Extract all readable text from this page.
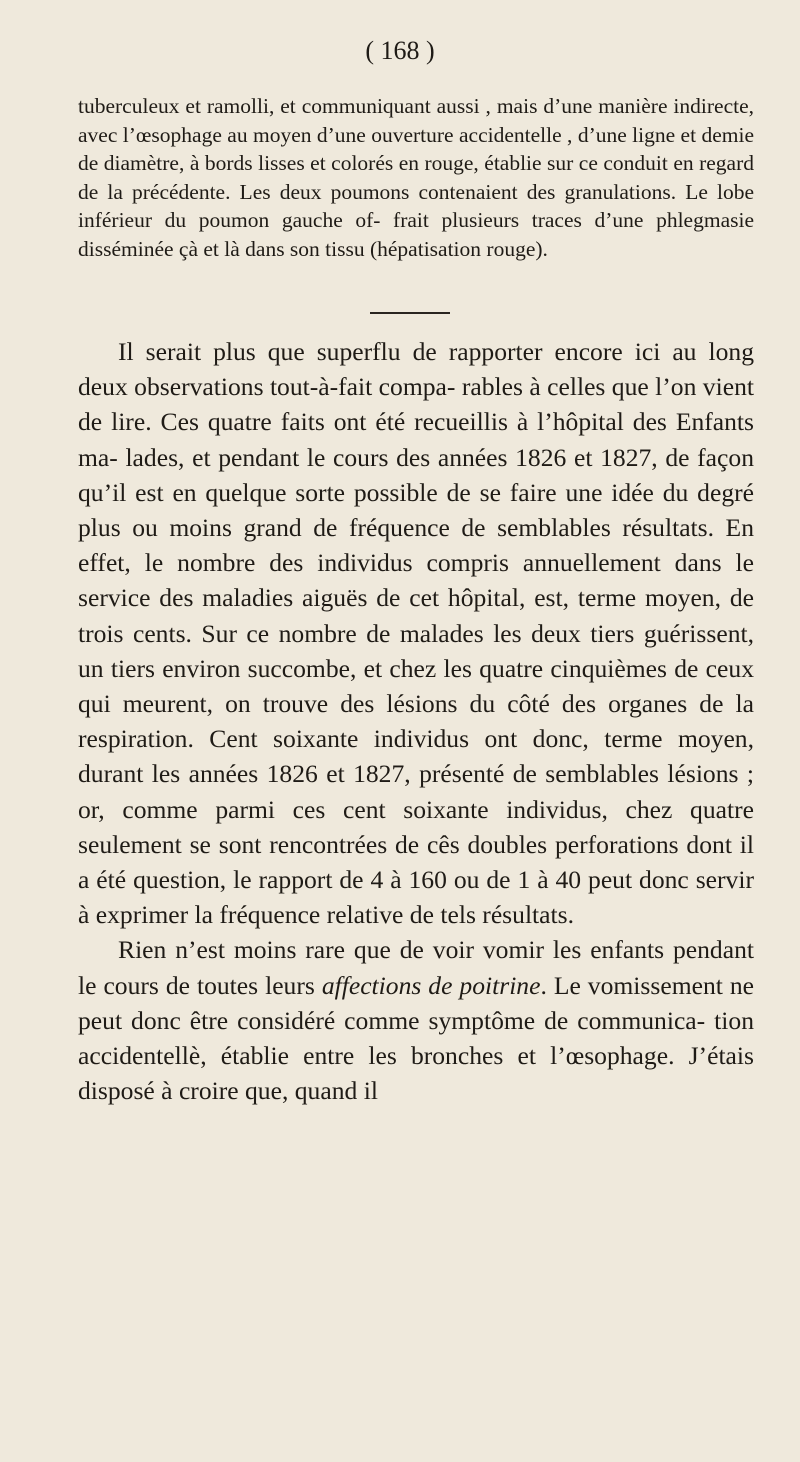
( 168 )

tuberculeux et ramolli, et communiquant aussi , mais d’une manière indirecte, avec l’œsophage au moyen d’une ouverture accidentelle , d’une ligne et demie de diamètre, à bords lisses et colorés en rouge, établie sur ce conduit en regard de la précédente. Les deux poumons contenaient des granulations. Le lobe inférieur du poumon gauche of- frait plusieurs traces d’une phlegmasie disséminée çà et là dans son tissu (hépatisation rouge).

Il serait plus que superflu de rapporter encore ici au long deux observations tout-à-fait compa- rables à celles que l’on vient de lire. Ces quatre faits ont été recueillis à l’hôpital des Enfants ma- lades, et pendant le cours des années 1826 et 1827, de façon qu’il est en quelque sorte possible de se faire une idée du degré plus ou moins grand de fréquence de semblables résultats. En effet, le nombre des individus compris annuellement dans le service des maladies aiguës de cet hôpital, est, terme moyen, de trois cents. Sur ce nombre de malades les deux tiers guérissent, un tiers environ succombe, et chez les quatre cinquièmes de ceux qui meurent, on trouve des lésions du côté des organes de la respiration. Cent soixante individus ont donc, terme moyen, durant les années 1826 et 1827, présenté de semblables lésions ; or, comme parmi ces cent soixante individus, chez quatre seulement se sont rencontrées de cês doubles perforations dont il a été question, le rapport de 4 à 160 ou de 1 à 40 peut donc servir à exprimer la fréquence relative de tels résultats.

Rien n’est moins rare que de voir vomir les enfants pendant le cours de toutes leurs affections de poitrine. Le vomissement ne peut donc être considéré comme symptôme de communica- tion accidentellè, établie entre les bronches et l’œsophage. J’étais disposé à croire que, quand il
